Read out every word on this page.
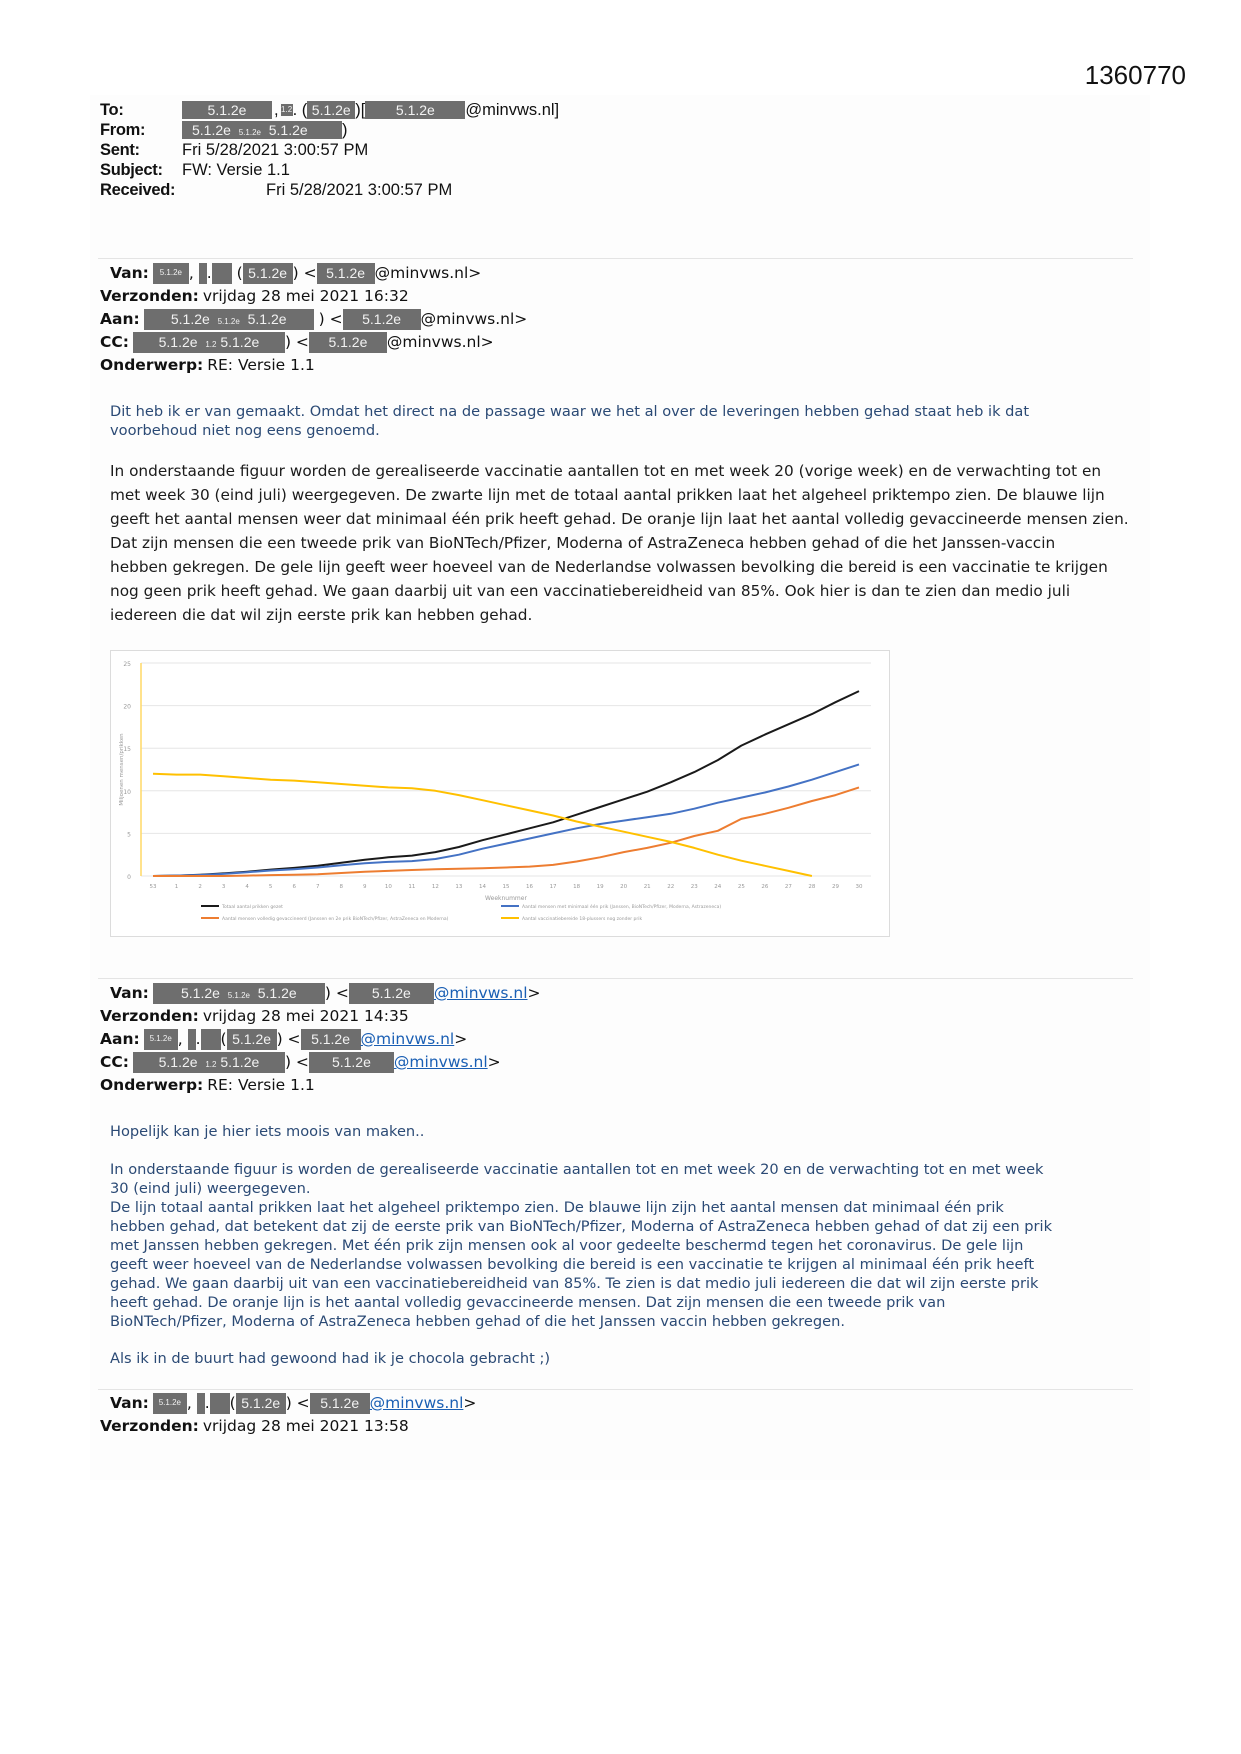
1360770
To:	5.1.2e	, 1.2 . ( 5.1.2e )[	5.1.2e	@minvws.nl]
From:	5.1.2e 5.1.2e 5.1.2e	)
Sent:	Fri 5/28/2021 3:00:57 PM
Subject:	FW: Versie 1.1
Received:	Fri 5/28/2021 3:00:57 PM
Van:	5.1.2e ,
.
( 5.1.2e ) < 5.1.2e @minvws.nl>
Verzonden: vrijdag 28 mei 2021 16:32
Aan:	5.1.2e 5.1.2e 5.1.2e	) <	5.1.2e	@minvws.nl>
CC:	5.1.2e 1.2 5.1.2e	) <	5.1.2e	@minvws.nl>
Onderwerp: RE: Versie 1.1
Dit heb ik er van gemaakt. Omdat het direct na de passage waar we het al over de leveringen hebben gehad staat heb ik dat
voorbehoud niet nog eens genoemd.
In onderstaande figuur worden de gerealiseerde vaccinatie aantallen tot en met week 20 (vorige week) en de verwachting tot en
met week 30 (eind juli) weergegeven. De zwarte lijn met de totaal aantal prikken laat het algeheel priktempo zien. De blauwe lijn
geeft het aantal mensen weer dat minimaal één prik heeft gehad. De oranje lijn laat het aantal volledig gevaccineerde mensen zien.
Dat zijn mensen die een tweede prik van BioNTech/Pfizer, Moderna of AstraZeneca hebben gehad of die het Janssen-vaccin
hebben gekregen. De gele lijn geeft weer hoeveel van de Nederlandse volwassen bevolking die bereid is een vaccinatie te krijgen
nog geen prik heeft gehad. We gaan daarbij uit van een vaccinatiebereidheid van 85%. Ook hier is dan te zien dan medio juli
iedereen die dat wil zijn eerste prik kan hebben gehad.
0
5
10
15
20
25
53	1	2	3	4	5	6	7	8	9	10	11	12	13	14	15	16	17	18	19	20	21	22	23	24	25	26	27	28	29	30
Weeknummer
Miljoenen mensen/prikken
Totaal aantal prikken gezet	Aantal mensen met minimaal één prik (Janssen, BioNTech/Pfizer, Moderna, Astrazeneca)
Aantal mensen volledig gevaccineerd (Janssen en 2e prik BioNTech/Pfizer, AstraZeneca en Moderna)	Aantal vaccinatiebereide 18-plussers nog zonder prik
Van:	5.1.2e 5.1.2e 5.1.2e	) <	5.1.2e	@minvws.nl >
Verzonden: vrijdag 28 mei 2021 14:35
Aan:	5.1.2e ,
.
( 5.1.2e ) < 5.1.2e @minvws.nl >
CC:	5.1.2e 1.2 5.1.2e	) <	5.1.2e	@minvws.nl >
Onderwerp: RE: Versie 1.1
Hopelijk kan je hier iets moois van maken..
In onderstaande figuur is worden de gerealiseerde vaccinatie aantallen tot en met week 20 en de verwachting tot en met week
30 (eind juli) weergegeven.
De lijn totaal aantal prikken laat het algeheel priktempo zien. De blauwe lijn zijn het aantal mensen dat minimaal één prik
hebben gehad, dat betekent dat zij de eerste prik van BioNTech/Pfizer, Moderna of AstraZeneca hebben gehad of dat zij een prik
met Janssen hebben gekregen. Met één prik zijn mensen ook al voor gedeelte beschermd tegen het coronavirus. De gele lijn
geeft weer hoeveel van de Nederlandse volwassen bevolking die bereid is een vaccinatie te krijgen al minimaal één prik heeft
gehad. We gaan daarbij uit van een vaccinatiebereidheid van 85%. Te zien is dat medio juli iedereen die dat wil zijn eerste prik
heeft gehad. De oranje lijn is het aantal volledig gevaccineerde mensen. Dat zijn mensen die een tweede prik van
BioNTech/Pfizer, Moderna of AstraZeneca hebben gehad of die het Janssen vaccin hebben gekregen.
Als ik in de buurt had gewoond had ik je chocola gebracht ;)
Van:	5.1.2e ,
.
( 5.1.2e ) < 5.1.2e @minvws.nl >
Verzonden: vrijdag 28 mei 2021 13:58
